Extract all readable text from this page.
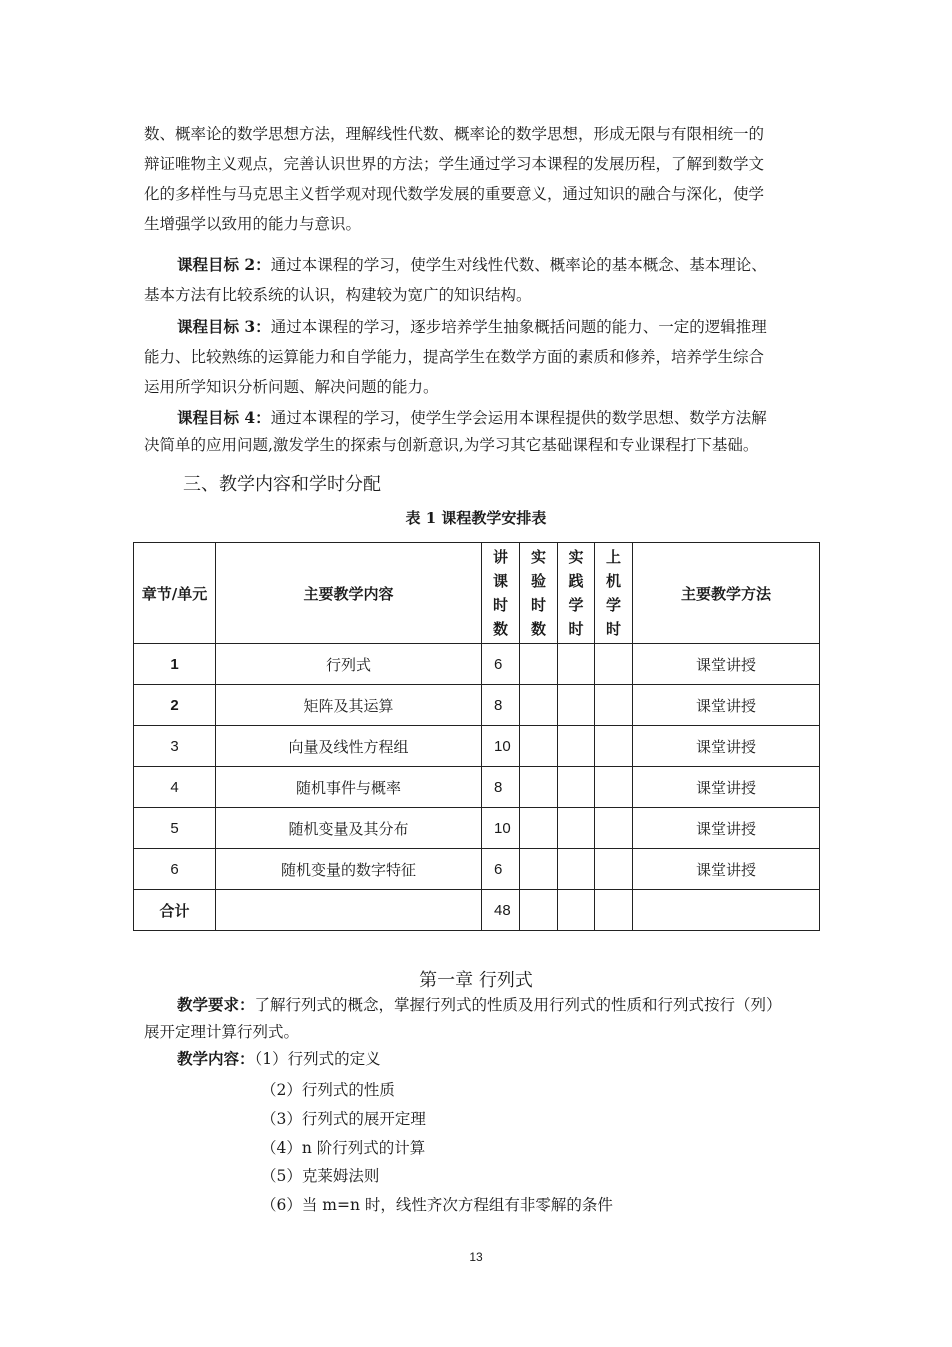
数、概率论的数学思想方法，理解线性代数、概率论的数学思想，形成无限与有限相统一的
辩证唯物主义观点，完善认识世界的方法；学生通过学习本课程的发展历程，了解到数学文
化的多样性与马克思主义哲学观对现代数学发展的重要意义，通过知识的融合与深化，使学
生增强学以致用的能力与意识。

课程目标 2：通过本课程的学习，使学生对线性代数、概率论的基本概念、基本理论、
基本方法有比较系统的认识，构建较为宽广的知识结构。

课程目标 3：通过本课程的学习，逐步培养学生抽象概括问题的能力、一定的逻辑推理
能力、比较熟练的运算能力和自学能力，提高学生在数学方面的素质和修养，培养学生综合
运用所学知识分析问题、解决问题的能力。

课程目标 4：通过本课程的学习，使学生学会运用本课程提供的数学思想、数学方法解
决简单的应用问题,激发学生的探索与创新意识,为学习其它基础课程和专业课程打下基础。

三、教学内容和学时分配
表 1 课程教学安排表
章节/单元	主要教学内容	讲课时数	实验时数	实践学时	上机学时	主要教学方法
1	行列式	6				课堂讲授
2	矩阵及其运算	8				课堂讲授
3	向量及线性方程组	10				课堂讲授
4	随机事件与概率	8				课堂讲授
5	随机变量及其分布	10				课堂讲授
6	随机变量的数字特征	6				课堂讲授
合计		48				
第一章 行列式

教学要求：了解行列式的概念，掌握行列式的性质及用行列式的性质和行列式按行（列）
展开定理计算行列式。

教学内容：（1）行列式的定义
（2）行列式的性质
（3）行列式的展开定理
（4）n 阶行列式的计算
（5）克莱姆法则
（6）当 m=n 时，线性齐次方程组有非零解的条件
13
